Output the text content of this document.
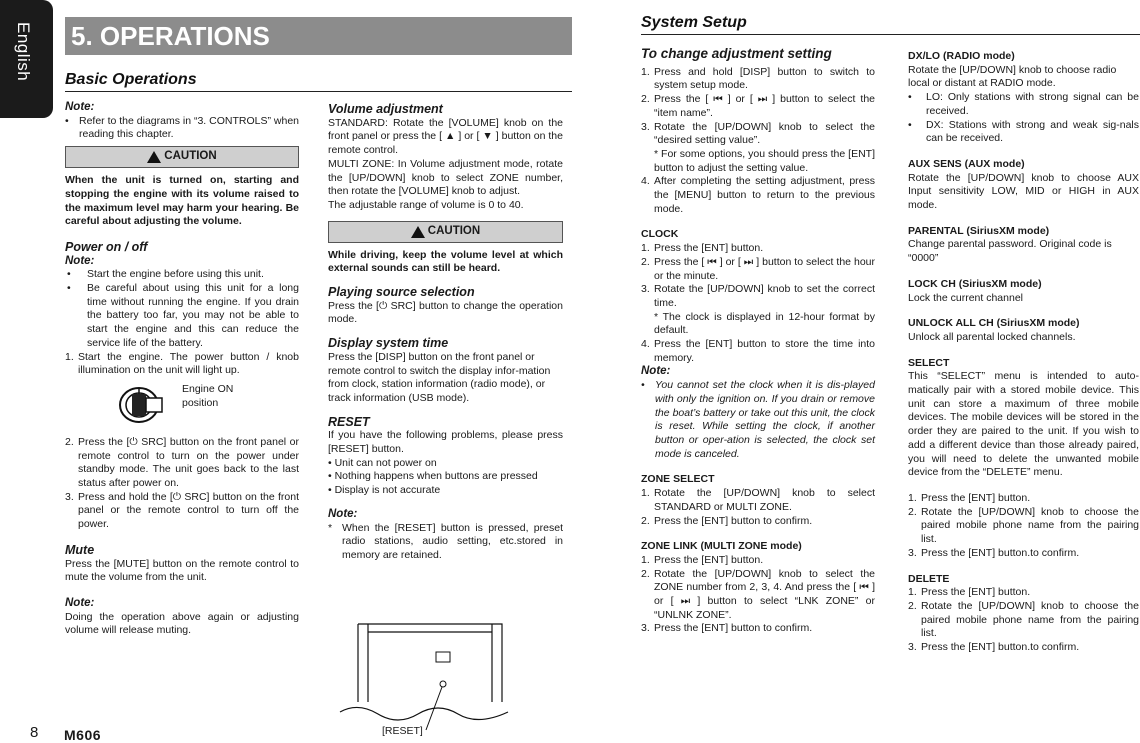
English 5. OPERATIONS
Basic Operations
System Setup

Note:

• Refer to the diagrams in “3. CONTROLS” when reading this chapter.
CAUTION

When the unit is turned on, starting and stopping the engine with its volume raised to the maximum level may harm your hearing. Be careful about adjusting the volume.

Power on / off

Note:

•	Start the engine before using this unit.
•	Be careful about using this unit for a long time without running the engine. If you drain the battery too far, you may not be able to start the engine and this can reduce the service life of the battery.
1. Start the engine. The power button / knob illumination on the unit will light up.
Engine ON position
2. Press the [⏻ SRC] button on the front panel or remote control to turn on the power under standby mode. The unit goes back to the last status after power on.
3. Press and hold the [⏻ SRC] button on the front panel or the remote control to turn off the power.

Mute

Press the [MUTE] button on the remote control to mute the volume from the unit.

Note:

Doing the operation above again or adjusting volume will release muting.

Volume adjustment

STANDARD: Rotate the [VOLUME] knob on the front panel or press the [ ▲ ] or [ ▼ ] button on the remote control.

MULTI ZONE: In Volume adjustment mode, rotate the [UP/DOWN] knob to select ZONE number, then rotate the [VOLUME] knob to adjust.

The adjustable range of volume is 0 to 40.

CAUTION

While driving, keep the volume level at which external sounds can still be heard.

Playing source selection

Press the [⏻ SRC] button to change the operation mode.

Display system time

Press the [DISP] button on the front panel or remote control to switch the display infor-mation from clock, station information (radio mode), or track information (USB mode).

RESET

If you have the following problems, please press [RESET] button.

• Unit can not power on

• Nothing happens when buttons are pressed

• Display is not accurate

Note:

* When the [RESET] button is pressed, preset radio stations, audio setting, etc.stored in memory are retained.
[RESET]

To change adjustment setting

1. Press and hold [DISP] button to switch to system setup mode.
2. Press the [ ⏮ ] or [ ⏭ ] button to select the “item name”.
3. Rotate the [UP/DOWN] knob to select the “desired setting value”.
* For some options, you should press the [ENT] button to adjust the setting value.
4. After completing the setting adjustment, press the [MENU] button to return to the previous mode.

CLOCK

1. Press the [ENT] button.
2. Press the [ ⏮ ] or [ ⏭ ] button to select the hour or the minute.
3. Rotate the [UP/DOWN] knob to set the correct time.
* The clock is displayed in 12-hour format by default.
4. Press the [ENT] button to store the time into memory.

Note:

• You cannot set the clock when it is dis-played with only the ignition on. If you drain or remove the boat’s battery or take out this unit, the clock is reset. While setting the clock, if another button or oper-ation is selected, the clock set mode is canceled.

ZONE SELECT

1. Rotate the [UP/DOWN] knob to select STANDARD or MULTI ZONE.
2. Press the [ENT] button to confirm.

ZONE LINK (MULTI ZONE mode)

1. Press the [ENT] button.
2. Rotate the [UP/DOWN] knob to select the ZONE number from 2, 3, 4. And press the [ ⏮ ] or [ ⏭ ] button to select “LNK ZONE” or “UNLNK ZONE”.
3. Press the [ENT] button to confirm.

DX/LO (RADIO mode)

Rotate the [UP/DOWN] knob to choose radio local or distant at RADIO mode.

•	LO: Only stations with strong signal can be received.
•	DX: Stations with strong and weak sig-nals can be received.

AUX SENS (AUX mode)

Rotate the [UP/DOWN] knob to choose AUX Input sensitivity LOW, MID or HIGH in AUX mode.

PARENTAL (SiriusXM mode)

Change parental password. Original code is “0000”

LOCK CH (SiriusXM mode)

Lock the current channel

UNLOCK ALL CH (SiriusXM mode)

Unlock all parental locked channels.

SELECT

This “SELECT” menu is intended to auto-matically pair with a stored mobile device. This unit can store a maximum of three mobile devices. The mobile devices will be stored in the order they are paired to the unit. If you wish to add a different device than those already paired, you will need to delete the unwanted mobile device from the “DELETE” menu.

1. Press the [ENT] button.
2. Rotate the [UP/DOWN] knob to choose the paired mobile phone name from the pairing list.
3. Press the [ENT] button.to confirm.

DELETE

1. Press the [ENT] button.
2. Rotate the [UP/DOWN] knob to choose the paired mobile phone name from the pairing list.
3. Press the [ENT] button.to confirm.
8 M606
